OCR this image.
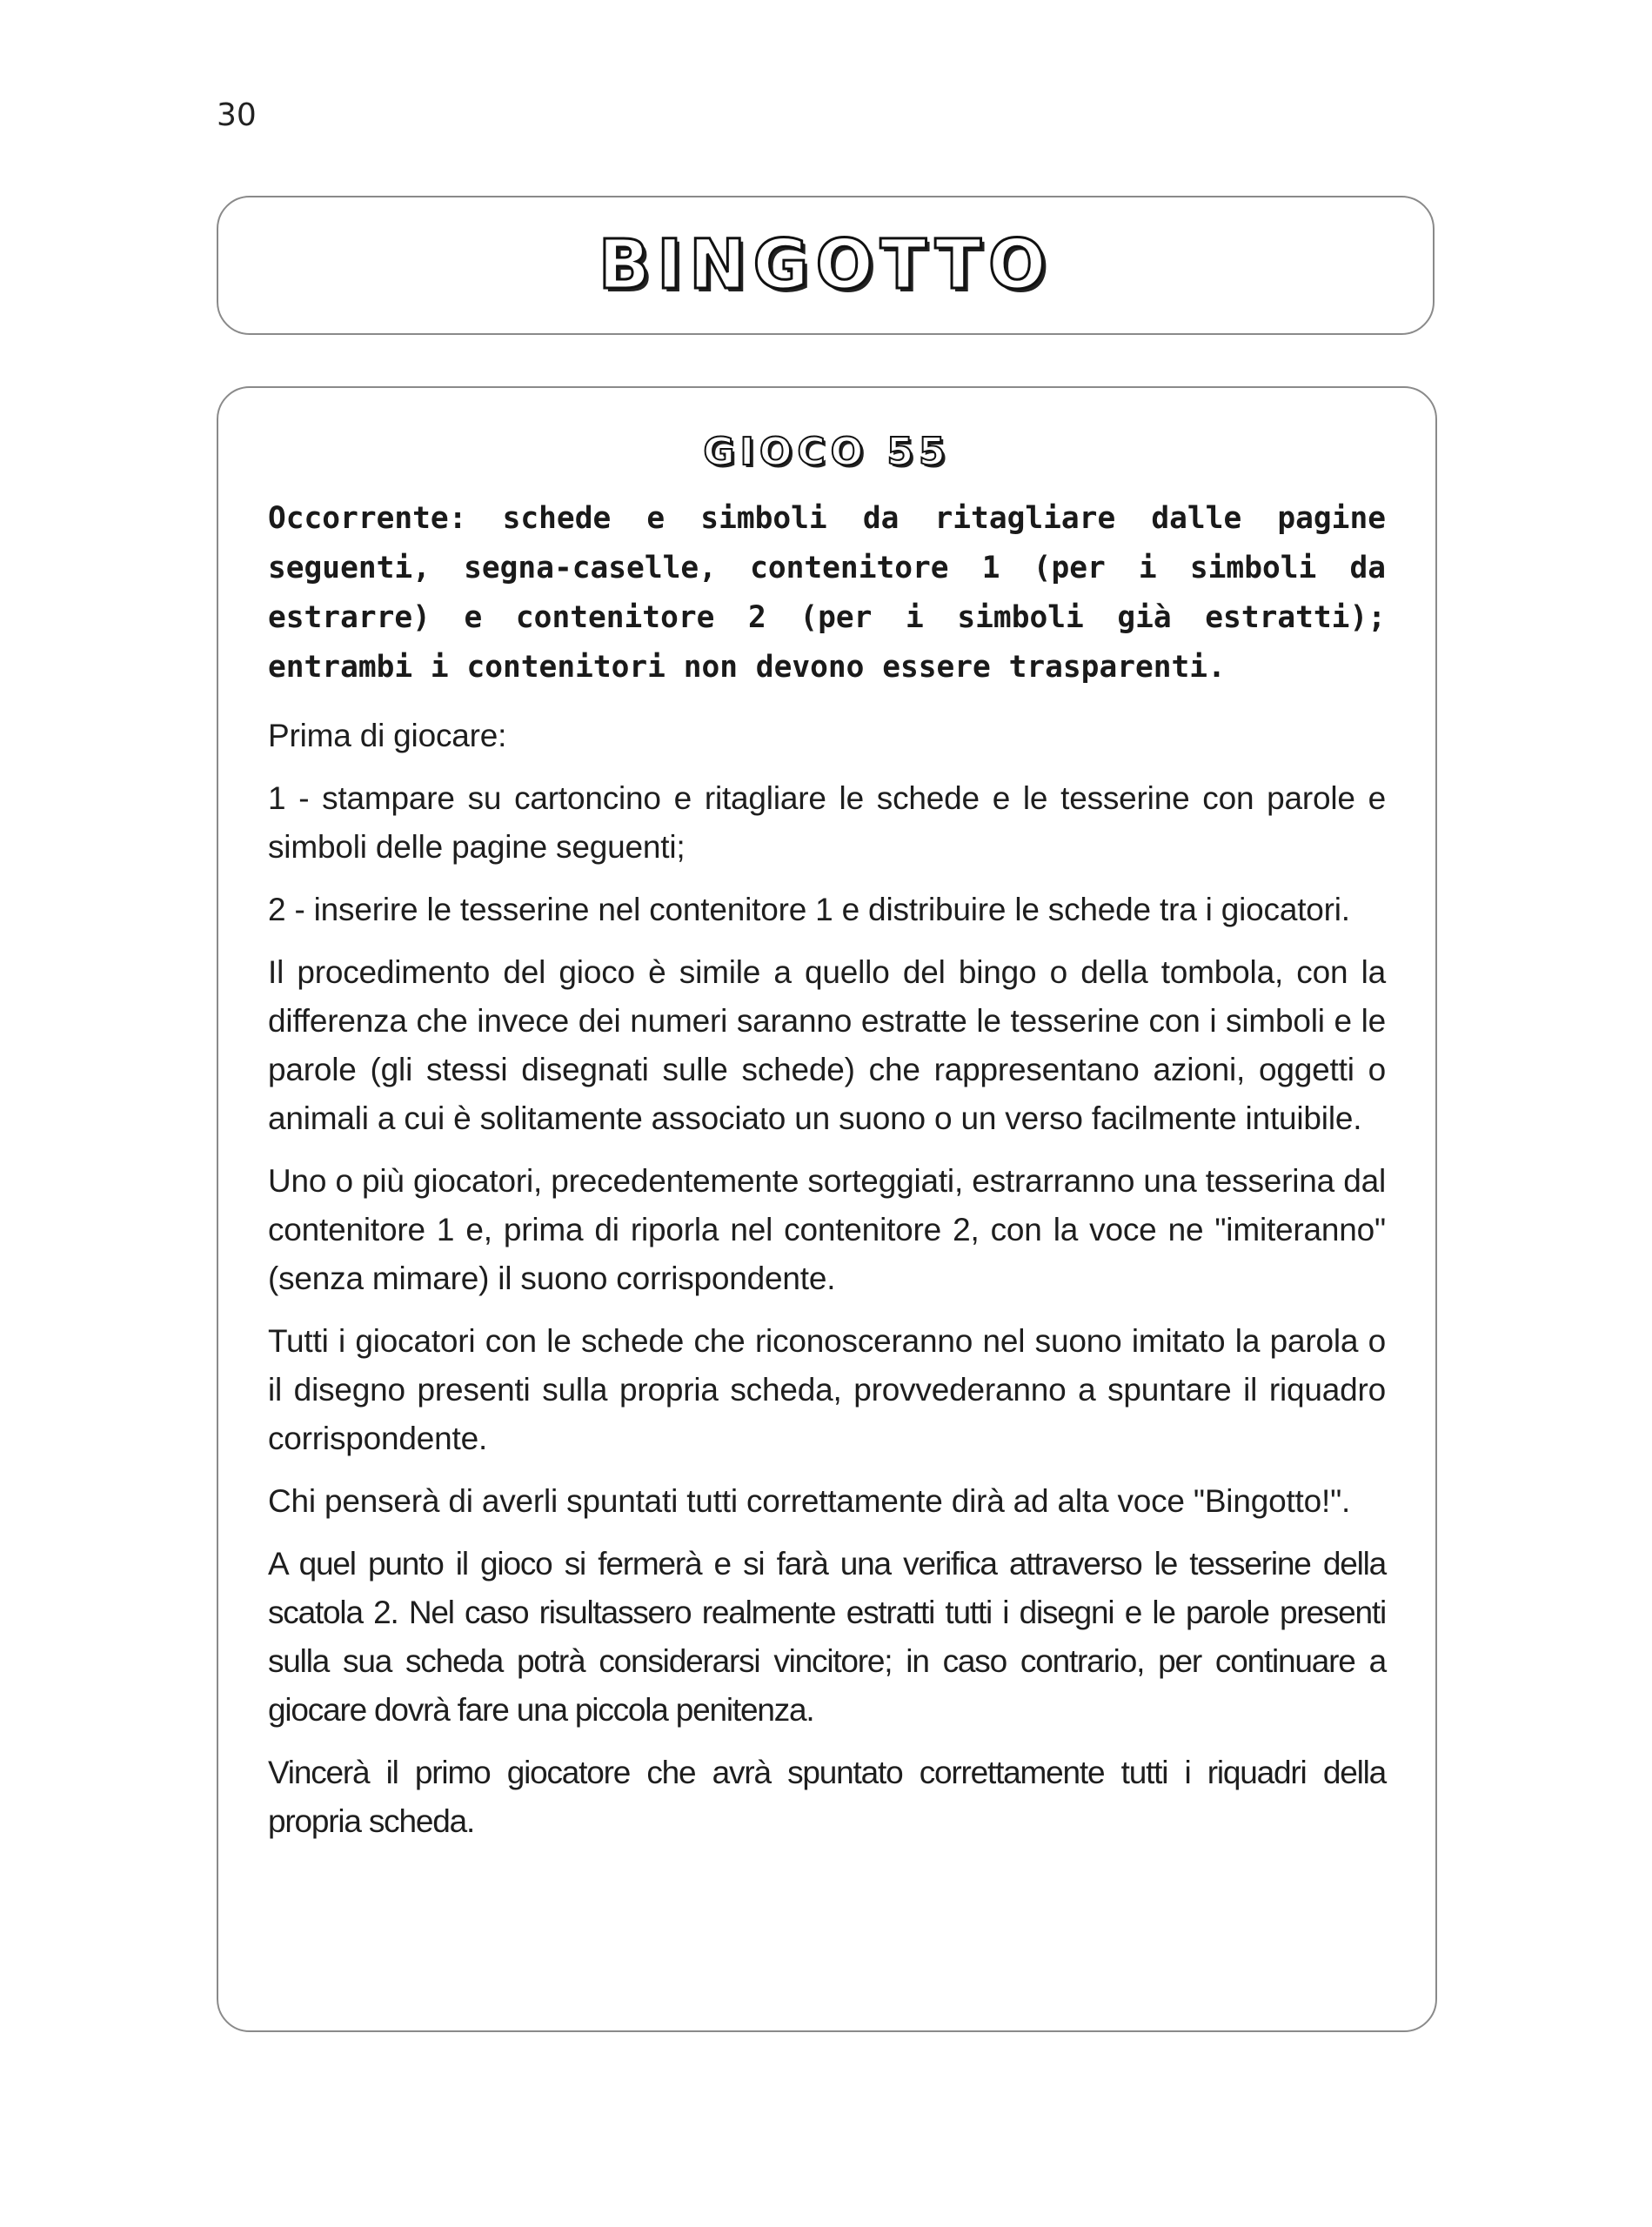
30
BINGOTTO
GIOCO 55

Occorrente: schede e simboli da ritagliare dalle pagine seguenti, segna-caselle, contenitore 1 (per i simboli da estrarre) e contenitore 2 (per i simboli già estratti); entrambi i contenitori non devono essere trasparenti.

Prima di giocare:

1 - stampare su cartoncino e ritagliare le schede e le tesserine con parole e simboli delle pagine seguenti;

2 - inserire le tesserine nel contenitore 1 e distribuire le schede tra i giocatori.

Il procedimento del gioco è simile a quello del bingo o della tombola, con la differenza che invece dei numeri saranno estratte le tesserine con i simboli e le parole (gli stessi disegnati sulle schede) che rappresentano azioni, oggetti o animali a cui è solitamente associato un suono o un verso facilmente intuibile.

Uno o più giocatori, precedentemente sorteggiati, estrarranno una tesserina dal contenitore 1 e, prima di riporla nel contenitore 2, con la voce ne "imiteranno" (senza mimare) il suono corrispondente.

Tutti i giocatori con le schede che riconosceranno nel suono imitato la parola o il disegno presenti sulla propria scheda, provvederanno a spuntare il riquadro corrispondente.

Chi penserà di averli spuntati tutti correttamente dirà ad alta voce "Bingotto!".

A quel punto il gioco si fermerà e si farà una verifica attraverso le tesserine della scatola 2. Nel caso risultassero realmente estratti tutti i disegni e le parole presenti sulla sua scheda potrà considerarsi vincitore; in caso contrario, per continuare a giocare dovrà fare una piccola penitenza.

Vincerà il primo giocatore che avrà spuntato correttamente tutti i riquadri della propria scheda.
